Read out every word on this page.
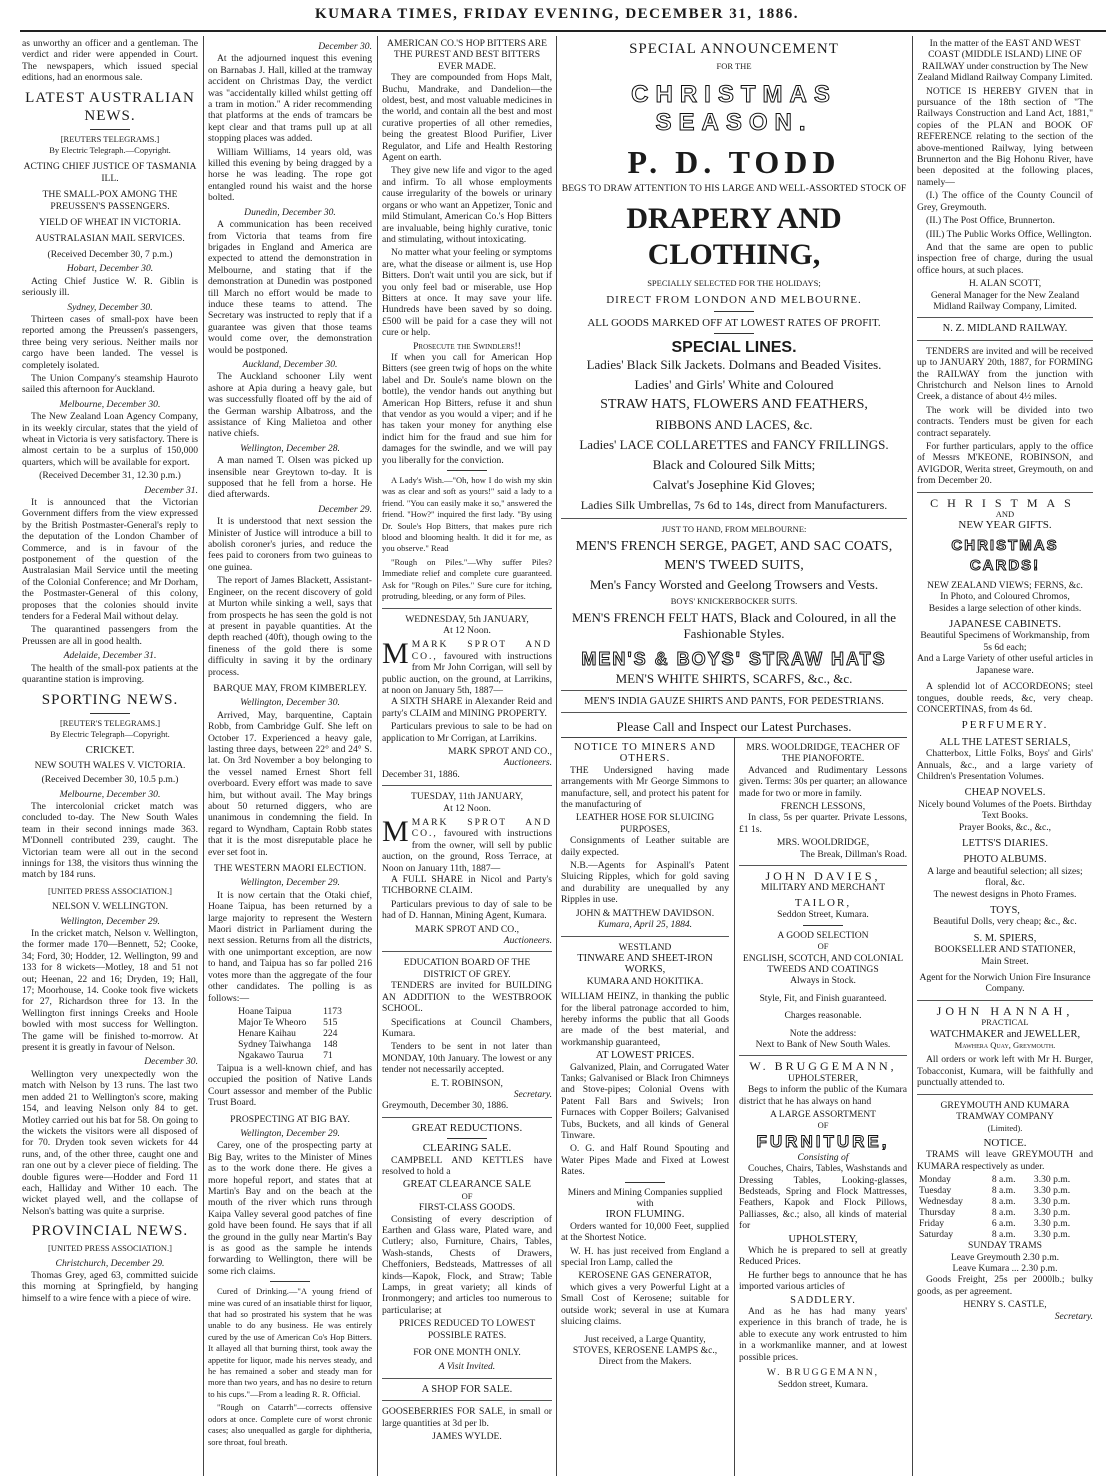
KUMARA TIMES, FRIDAY EVENING, DECEMBER 31, 1886.

as unworthy an officer and a gentleman. The verdict and rider were appended in Court. The newspapers, which issued special editions, had an enormous sale.

LATEST AUSTRALIAN NEWS.
[REUTERS TELEGRAMS.]
By Electric Telegraph.—Copyright.
ACTING CHIEF JUSTICE OF TASMANIA ILL.
THE SMALL-POX AMONG THE PREUSSEN'S PASSENGERS.
YIELD OF WHEAT IN VICTORIA.
AUSTRALASIAN MAIL SERVICES.
(Received December 30, 7 p.m.)
Hobart, December 30.

Acting Chief Justice W. R. Giblin is seriously ill.

Sydney, December 30.

Thirteen cases of small-pox have been reported among the Preussen's passengers, three being very serious. Neither mails nor cargo have been landed. The vessel is completely isolated.

The Union Company's steamship Hauroto sailed this afternoon for Auckland.

Melbourne, December 30.

The New Zealand Loan Agency Company, in its weekly circular, states that the yield of wheat in Victoria is very satisfactory. There is almost certain to be a surplus of 150,000 quarters, which will be available for export.

(Received December 31, 12.30 p.m.)
December 31.

It is announced that the Victorian Government differs from the view expressed by the British Postmaster-General's reply to the deputation of the London Chamber of Commerce, and is in favour of the postponement of the question of the Australasian Mail Service until the meeting of the Colonial Conference; and Mr Dorham, the Postmaster-General of this colony, proposes that the colonies should invite tenders for a Federal Mail without delay.

The quarantined passengers from the Preussen are all in good health.

Adelaide, December 31.

The health of the small-pox patients at the quarantine station is improving.

SPORTING NEWS.
[REUTER'S TELEGRAMS.]
By Electric Telegraph—Copyright.
CRICKET.
NEW SOUTH WALES V. VICTORIA.
(Received December 30, 10.5 p.m.)
Melbourne, December 30.

The intercolonial cricket match was concluded to-day. The New South Wales team in their second innings made 363. M'Donnell contributed 239, caught. The Victorian team were all out in the second innings for 138, the visitors thus winning the match by 184 runs.

[UNITED PRESS ASSOCIATION.]
NELSON V. WELLINGTON.
Wellington, December 29.

In the cricket match, Nelson v. Wellington, the former made 170—Bennett, 52; Cooke, 34; Ford, 30; Hodder, 12. Wellington, 99 and 133 for 8 wickets—Motley, 18 and 51 not out; Heenan, 22 and 16; Dryden, 19; Hall, 17; Moorhouse, 14. Cooke took five wickets for 27, Richardson three for 13. In the Wellington first innings Creeks and Hoole bowled with most success for Wellington. The game will be finished to-morrow. At present it is greatly in favour of Nelson.

December 30.

Wellington very unexpectedly won the match with Nelson by 13 runs. The last two men added 21 to Wellington's score, making 154, and leaving Nelson only 84 to get. Motley carried out his bat for 58. On going to the wickets the visitors were all disposed of for 70. Dryden took seven wickets for 44 runs, and, of the other three, caught one and ran one out by a clever piece of fielding. The double figures were—Hodder and Ford 11 each, Halliday and Wither 10 each. The wicket played well, and the collapse of Nelson's batting was quite a surprise.

PROVINCIAL NEWS.
[UNITED PRESS ASSOCIATION.]
Christchurch, December 29.

Thomas Grey, aged 63, committed suicide this morning at Springfield, by hanging himself to a wire fence with a piece of wire.

December 30.

At the adjourned inquest this evening on Barnabas J. Hall, killed at the tramway accident on Christmas Day, the verdict was "accidentally killed whilst getting off a tram in motion." A rider recommending that platforms at the ends of tramcars be kept clear and that trams pull up at all stopping places was added.

William Williams, 14 years old, was killed this evening by being dragged by a horse he was leading. The rope got entangled round his waist and the horse bolted.

Dunedin, December 30.

A communication has been received from Victoria that teams from fire brigades in England and America are expected to attend the demonstration in Melbourne, and stating that if the demonstration at Dunedin was postponed till March no effort would be made to induce these teams to attend. The Secretary was instructed to reply that if a guarantee was given that those teams would come over, the demonstration would be postponed.

Auckland, December 30.

The Auckland schooner Lily went ashore at Apia during a heavy gale, but was successfully floated off by the aid of the German warship Albatross, and the assistance of King Malietoa and other native chiefs.

Wellington, December 28.

A man named T. Olsen was picked up insensible near Greytown to-day. It is supposed that he fell from a horse. He died afterwards.

December 29.

It is understood that next session the Minister of Justice will introduce a bill to abolish coroner's juries, and reduce the fees paid to coroners from two guineas to one guinea.

The report of James Blackett, Assistant-Engineer, on the recent discovery of gold at Murton while sinking a well, says that from prospects he has seen the gold is not at present in payable quantities. At the depth reached (40ft), though owing to the fineness of the gold there is some difficulty in saving it by the ordinary process.

BARQUE MAY, FROM KIMBERLEY.
Wellington, December 30.

Arrived, May, barquentine, Captain Robb, from Cambridge Gulf. She left on October 17. Experienced a heavy gale, lasting three days, between 22° and 24° S. lat. On 3rd November a boy belonging to the vessel named Ernest Short fell overboard. Every effort was made to save him, but without avail. The May brings about 50 returned diggers, who are unanimous in condemning the field. In regard to Wyndham, Captain Robb states that it is the most disreputable place he ever set foot in.

THE WESTERN MAORI ELECTION.
Wellington, December 29.

It is now certain that the Otaki chief, Hoane Taipua, has been returned by a large majority to represent the Western Maori district in Parliament during the next session. Returns from all the districts, with one unimportant exception, are now to hand, and Taipua has so far polled 216 votes more than the aggregate of the four other candidates. The polling is as follows:—

Hoane Taipua	1173
Major Te Wheoro	515
Henare Kaihau	224
Sydney Taiwhanga	148
Ngakawo Taurua	71

Taipua is a well-known chief, and has occupied the position of Native Lands Court assessor and member of the Public Trust Board.

PROSPECTING AT BIG BAY.
Wellington, December 29.

Carey, one of the prospecting party at Big Bay, writes to the Minister of Mines as to the work done there. He gives a more hopeful report, and states that at Martin's Bay and on the beach at the mouth of the river which runs through Kaipa Valley several good patches of fine gold have been found. He says that if all the ground in the gully near Martin's Bay is as good as the sample he intends forwarding to Wellington, there will be some rich claims.

Cured of Drinking.—"A young friend of mine was cured of an insatiable thirst for liquor, that had so prostrated his system that he was unable to do any business. He was entirely cured by the use of American Co's Hop Bitters. It allayed all that burning thirst, took away the appetite for liquor, made his nerves steady, and he has remained a sober and steady man for more than two years, and has no desire to return to his cups."—From a leading R. R. Official.

"Rough on Catarrh"—corrects offensive odors at once. Complete cure of worst chronic cases; also unequalled as gargle for diphtheria, sore throat, foul breath.

AMERICAN CO.'S HOP BITTERS ARE THE PUREST AND BEST BITTERS EVER MADE.

They are compounded from Hops Malt, Buchu, Mandrake, and Dandelion—the oldest, best, and most valuable medicines in the world, and contain all the best and most curative properties of all other remedies, being the greatest Blood Purifier, Liver Regulator, and Life and Health Restoring Agent on earth.

They give new life and vigor to the aged and infirm. To all whose employments cause irregularity of the bowels or urinary organs or who want an Appetizer, Tonic and mild Stimulant, American Co.'s Hop Bitters are invaluable, being highly curative, tonic and stimulating, without intoxicating.

No matter what your feeling or symptoms are, what the disease or ailment is, use Hop Bitters. Don't wait until you are sick, but if you only feel bad or miserable, use Hop Bitters at once. It may save your life. Hundreds have been saved by so doing. £500 will be paid for a case they will not cure or help.

Prosecute the Swindlers!!

If when you call for American Hop Bitters (see green twig of hops on the white label and Dr. Soule's name blown on the bottle), the vendor hands out anything but American Hop Bitters, refuse it and shun that vendor as you would a viper; and if he has taken your money for anything else indict him for the fraud and sue him for damages for the swindle, and we will pay you liberally for the conviction.

A Lady's Wish.—"Oh, how I do wish my skin was as clear and soft as yours!" said a lady to a friend. "You can easily make it so," answered the friend. "How?" inquired the first lady. "By using Dr. Soule's Hop Bitters, that makes pure rich blood and blooming health. It did it for me, as you observe." Read

"Rough on Piles."—Why suffer Piles? Immediate relief and complete cure guaranteed. Ask for "Rough on Piles." Sure cure for itching, protruding, bleeding, or any form of Piles.

WEDNESDAY, 5th JANUARY,
At 12 Noon.
MMARK SPROT AND CO., favoured with instructions from Mr John Corrigan, will sell by public auction, on the ground, at Larrikins, at noon on January 5th, 1887—

A SIXTH SHARE in Alexander Reid and party's CLAIM and MINING PROPERTY.

Particulars previous to sale to be had on application to Mr Corrigan, at Larrikins.

MARK SPROT AND CO.,
Auctioneers.
December 31, 1886.
TUESDAY, 11th JANUARY,
At 12 Noon.
MMARK SPROT AND CO., favoured with instructions from the owner, will sell by public auction, on the ground, Ross Terrace, at Noon on January 11th, 1887—

A FULL SHARE in Nicol and Party's TICHBORNE CLAIM.

Particulars previous to day of sale to be had of D. Hannan, Mining Agent, Kumara.

MARK SPROT AND CO.,
Auctioneers.
EDUCATION BOARD OF THE DISTRICT OF GREY.

TENDERS are invited for BUILDING AN ADDITION to the WESTBROOK SCHOOL.

Specifications at Council Chambers, Kumara.

Tenders to be sent in not later than MONDAY, 10th January. The lowest or any tender not necessarily accepted.

E. T. ROBINSON,
Secretary.
Greymouth, December 30, 1886.
GREAT REDUCTIONS.
CLEARING SALE.

CAMPBELL AND KETTLES have resolved to hold a

GREAT CLEARANCE SALE
OF
FIRST-CLASS GOODS.

Consisting of every description of Earthen and Glass ware, Plated ware, and Cutlery; also, Furniture, Chairs, Tables, Wash-stands, Chests of Drawers, Cheffoniers, Bedsteads, Mattresses of all kinds—Kapok, Flock, and Straw; Table Lamps, in great variety; all kinds of Ironmongery; and articles too numerous to particularise; at

PRICES REDUCED TO LOWEST POSSIBLE RATES.
FOR ONE MONTH ONLY.
A Visit Invited.
A SHOP FOR SALE.

GOOSEBERRIES FOR SALE, in small or large quantities at 3d per lb.

JAMES WYLDE.
SPECIAL ANNOUNCEMENT
FOR THE
CHRISTMAS SEASON.
P. D. TODD
BEGS TO DRAW ATTENTION TO HIS LARGE AND WELL-ASSORTED STOCK OF
DRAPERY AND CLOTHING,
SPECIALLY SELECTED FOR THE HOLIDAYS;
DIRECT FROM LONDON AND MELBOURNE.
ALL GOODS MARKED OFF AT LOWEST RATES OF PROFIT.
SPECIAL LINES.
Ladies' Black Silk Jackets. Dolmans and Beaded Visites.
Ladies' and Girls' White and Coloured
STRAW HATS, FLOWERS AND FEATHERS,
RIBBONS AND LACES, &c.
Ladies' LACE COLLARETTES and FANCY FRILLINGS.
Black and Coloured Silk Mitts;
Calvat's Josephine Kid Gloves;
Ladies Silk Umbrellas, 7s 6d to 14s, direct from Manufacturers.
JUST TO HAND, FROM MELBOURNE:
MEN'S FRENCH SERGE, PAGET, AND SAC COATS,
MEN'S TWEED SUITS,
Men's Fancy Worsted and Geelong Trowsers and Vests.
BOYS' KNICKERBOCKER SUITS.
MEN'S FRENCH FELT HATS, Black and Coloured, in all the Fashionable Styles.
MEN'S & BOYS' STRAW HATS
MEN'S WHITE SHIRTS, SCARFS, &c., &c.
MEN'S INDIA GAUZE SHIRTS AND PANTS, FOR PEDESTRIANS.
Please Call and Inspect our Latest Purchases.
NOTICE TO MINERS AND OTHERS.

THE Undersigned having made arrangements with Mr George Simmons to manufacture, sell, and protect his patent for the manufacturing of

LEATHER HOSE FOR SLUICING PURPOSES,

Consignments of Leather suitable are daily expected.

N.B.—Agents for Aspinall's Patent Sluicing Ripples, which for gold saving and durability are unequalled by any Ripples in use.

JOHN & MATTHEW DAVIDSON.
Kumara, April 25, 1884.
WESTLAND
TINWARE AND SHEET-IRON WORKS,
KUMARA AND HOKITIKA.

WILLIAM HEINZ, in thanking the public for the liberal patronage accorded to him, hereby informs the public that all Goods are made of the best material, and workmanship guaranteed,

AT LOWEST PRICES.

Galvanized, Plain, and Corrugated Water Tanks; Galvanised or Black Iron Chimneys and Stove-pipes; Colonial Ovens with Patent Fall Bars and Swivels; Iron Furnaces with Copper Boilers; Galvanised Tubs, Buckets, and all kinds of General Tinware.

O. G. and Half Round Spouting and Water Pipes Made and Fixed at Lowest Rates.

Miners and Mining Companies supplied with
IRON FLUMING.

Orders wanted for 10,000 Feet, supplied at the Shortest Notice.

W. H. has just received from England a special Iron Lamp, called the

KEROSENE GAS GENERATOR,

which gives a very Powerful Light at a Small Cost of Kerosene; suitable for outside work; several in use at Kumara sluicing claims.

Just received, a Large Quantity,
STOVES, KEROSENE LAMPS &c.,
Direct from the Makers.
MRS. WOOLDRIDGE, TEACHER OF THE PIANOFORTE.

Advanced and Rudimentary Lessons given. Terms: 30s per quarter; an allowance made for two or more in family.

FRENCH LESSONS,

In class, 5s per quarter. Private Lessons, £1 1s.

MRS. WOOLDRIDGE,
The Break, Dillman's Road.
JOHN DAVIES,
MILITARY AND MERCHANT
TAILOR,
Seddon Street, Kumara.
A GOOD SELECTION
OF
ENGLISH, SCOTCH, AND COLONIAL TWEEDS AND COATINGS
Always in Stock.
Style, Fit, and Finish guaranteed.
Charges reasonable.
Note the address:
Next to Bank of New South Wales.
W. BRUGGEMANN,
UPHOLSTERER,

Begs to inform the public of the Kumara district that he has always on hand

A LARGE ASSORTMENT
OF
FURNITURE,
Consisting of

Couches, Chairs, Tables, Washstands and Dressing Tables, Looking-glasses, Bedsteads, Spring and Flock Mattresses, Feathers, Kapok and Flock Pillows, Palliasses, &c.; also, all kinds of material for

UPHOLSTERY,

Which he is prepared to sell at greatly Reduced Prices.

He further begs to announce that he has imported various articles of

SADDLERY.

And as he has had many years' experience in this branch of trade, he is able to execute any work entrusted to him in a workmanlike manner, and at lowest possible prices.

W. BRUGGEMANN,
Seddon street, Kumara.

In the matter of the EAST AND WEST COAST (MIDDLE ISLAND) LINE OF RAILWAY under construction by The New Zealand Midland Railway Company Limited.

NOTICE IS HEREBY GIVEN that in pursuance of the 18th section of "The Railways Construction and Land Act, 1881," copies of the PLAN and BOOK OF REFERENCE relating to the section of the above-mentioned Railway, lying between Brunnerton and the Big Hohonu River, have been deposited at the following places, namely—

(I.) The office of the County Council of Grey, Greymouth.

(II.) The Post Office, Brunnerton.

(III.) The Public Works Office, Wellington.

And that the same are open to public inspection free of charge, during the usual office hours, at such places.

H. ALAN SCOTT,
General Manager for the New Zealand Midland Railway Company, Limited.
N. Z. MIDLAND RAILWAY.

TENDERS are invited and will be received up to JANUARY 20th, 1887, for FORMING the RAILWAY from the junction with Christchurch and Nelson lines to Arnold Creek, a distance of about 4½ miles.

The work will be divided into two contracts. Tenders must be given for each contract separately.

For further particulars, apply to the office of Messrs M'KEONE, ROBINSON, and AVIGDOR, Werita street, Greymouth, on and from December 20.

CHRISTMAS
AND
NEW YEAR GIFTS.
CHRISTMAS CARDS!
NEW ZEALAND VIEWS; FERNS, &c.
In Photo, and Coloured Chromos,
Besides a large selection of other kinds.
JAPANESE CABINETS.
Beautiful Specimens of Workmanship, from 5s 6d each;
And a Large Variety of other useful articles in Japanese ware.

A splendid lot of ACCORDEONS; steel tongues, double reeds, &c, very cheap. CONCERTINAS, from 4s 6d.

PERFUMERY.
ALL THE LATEST SERIALS,

Chatterbox, Little Folks, Boys' and Girls' Annuals, &c., and a large variety of Children's Presentation Volumes.

CHEAP NOVELS.
Nicely bound Volumes of the Poets. Birthday Text Books.
Prayer Books, &c., &c.,
LETTS'S DIARIES.
PHOTO ALBUMS.
A large and beautiful selection; all sizes; floral, &c.
The newest designs in Photo Frames.
TOYS,
Beautiful Dolls, very cheap; &c., &c.
S. M. SPIERS,
BOOKSELLER AND STATIONER,
Main Street.
Agent for the Norwich Union Fire Insurance Company.
JOHN HANNAH,
PRACTICAL
WATCHMAKER and JEWELLER,
Mawhera Quay, Greymouth.

All orders or work left with Mr H. Burger, Tobacconist, Kumara, will be faithfully and punctually attended to.

GREYMOUTH AND KUMARA TRAMWAY COMPANY
(Limited).
NOTICE.

TRAMS will leave GREYMOUTH and KUMARA respectively as under.

Monday	8 a.m.	3.30 p.m.
Tuesday	8 a.m.	3.30 p.m.
Wednesday	8 a.m.	3.30 p.m.
Thursday	8 a.m.	3.30 p.m.
Friday	6 a.m.	3.30 p.m.
Saturday	8 a.m.	3.30 p.m.
SUNDAY TRAMS
Leave Greymouth 2.30 p.m.
Leave Kumara ... 2.30 p.m.

Goods Freight, 25s per 2000lb.; bulky goods, as per agreement.

HENRY S. CASTLE,
Secretary.
